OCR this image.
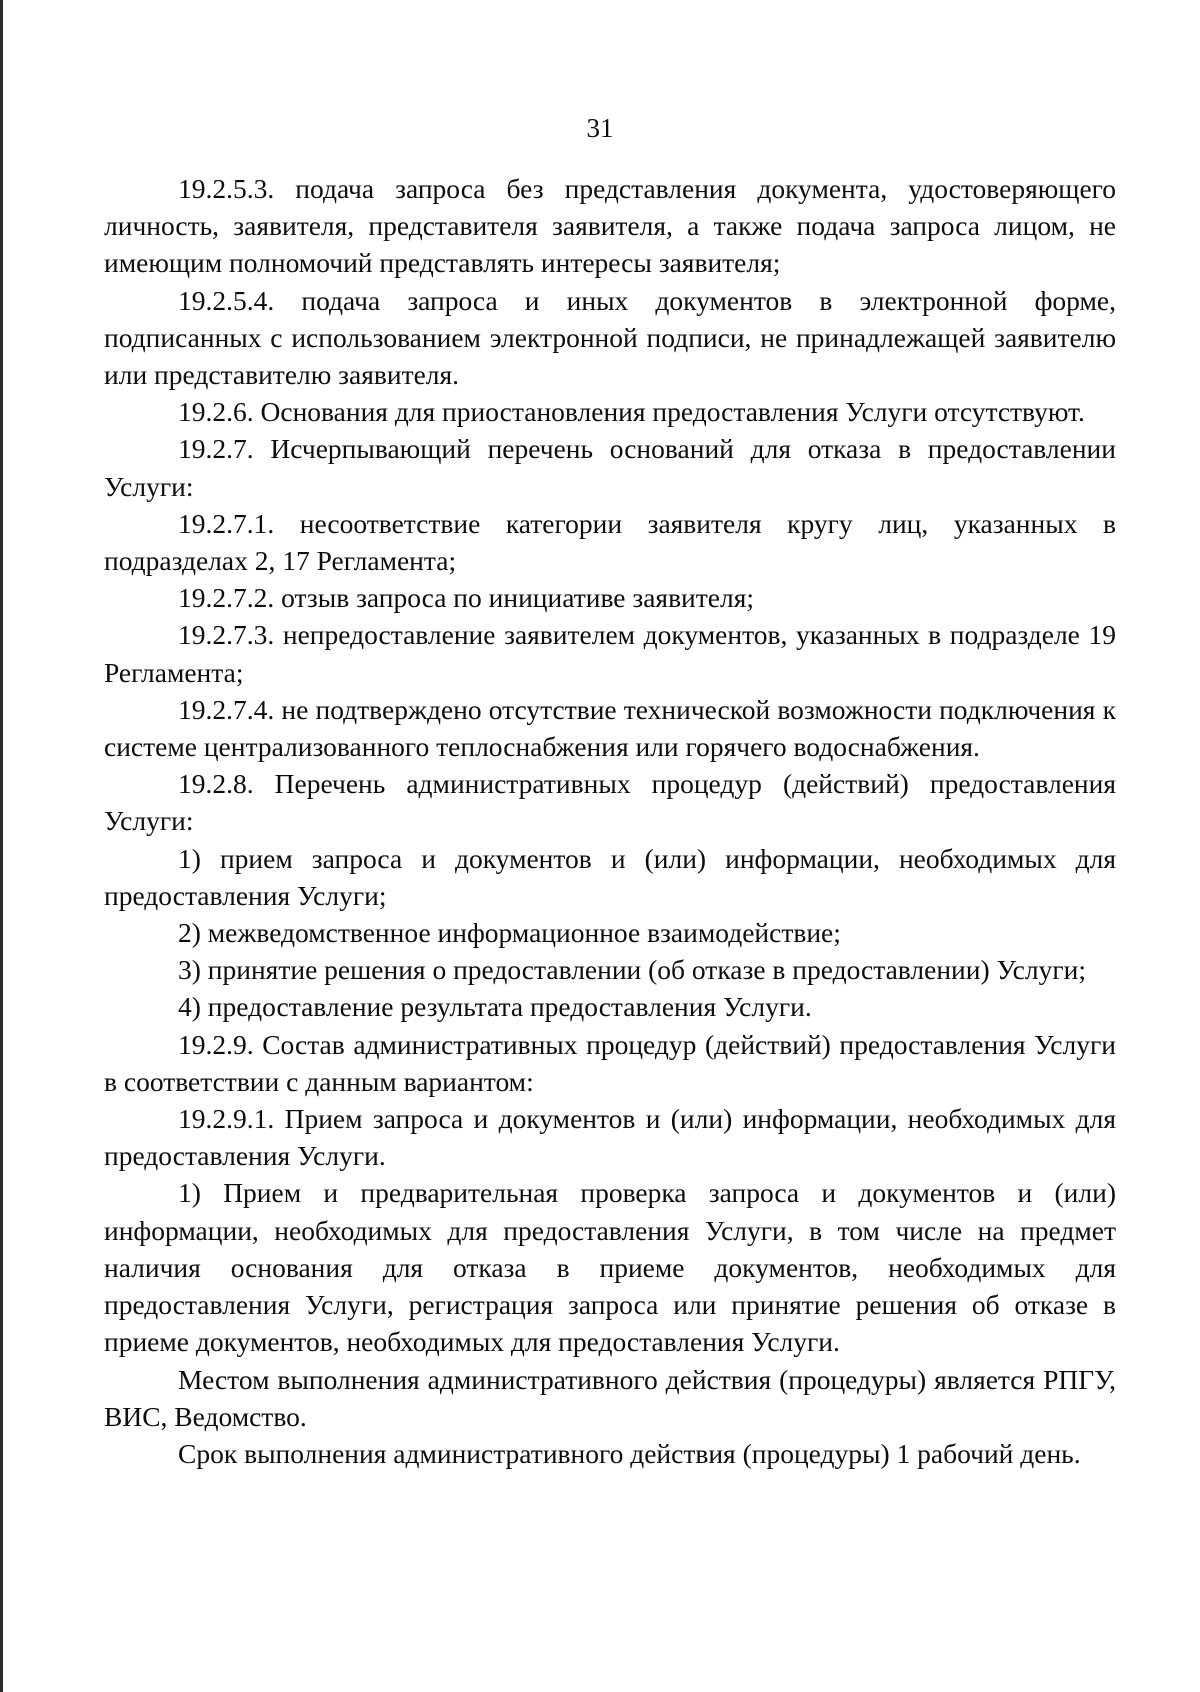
31

19.2.5.3. подача запроса без представления документа, удостоверяющего личность, заявителя, представителя заявителя, а также подача запроса лицом, не имеющим полномочий представлять интересы заявителя;

19.2.5.4. подача запроса и иных документов в электронной форме, подписанных с использованием электронной подписи, не принадлежащей заявителю или представителю заявителя.

19.2.6. Основания для приостановления предоставления Услуги отсутствуют.

19.2.7. Исчерпывающий перечень оснований для отказа в предоставлении Услуги:

19.2.7.1. несоответствие категории заявителя кругу лиц, указанных в подразделах 2, 17 Регламента;

19.2.7.2. отзыв запроса по инициативе заявителя;

19.2.7.3. непредоставление заявителем документов, указанных в подразделе 19 Регламента;

19.2.7.4. не подтверждено отсутствие технической возможности подключения к системе централизованного теплоснабжения или горячего водоснабжения.

19.2.8. Перечень административных процедур (действий) предоставления Услуги:

1) прием запроса и документов и (или) информации, необходимых для предоставления Услуги;

2) межведомственное информационное взаимодействие;

3) принятие решения о предоставлении (об отказе в предоставлении) Услуги;

4) предоставление результата предоставления Услуги.

19.2.9. Состав административных процедур (действий) предоставления Услуги в соответствии с данным вариантом:

19.2.9.1. Прием запроса и документов и (или) информации, необходимых для предоставления Услуги.

1) Прием и предварительная проверка запроса и документов и (или) информации, необходимых для предоставления Услуги, в том числе на предмет наличия основания для отказа в приеме документов, необходимых для предоставления Услуги, регистрация запроса или принятие решения об отказе в приеме документов, необходимых для предоставления Услуги.

Местом выполнения административного действия (процедуры) является РПГУ, ВИС, Ведомство.

Срок выполнения административного действия (процедуры) 1 рабочий день.
